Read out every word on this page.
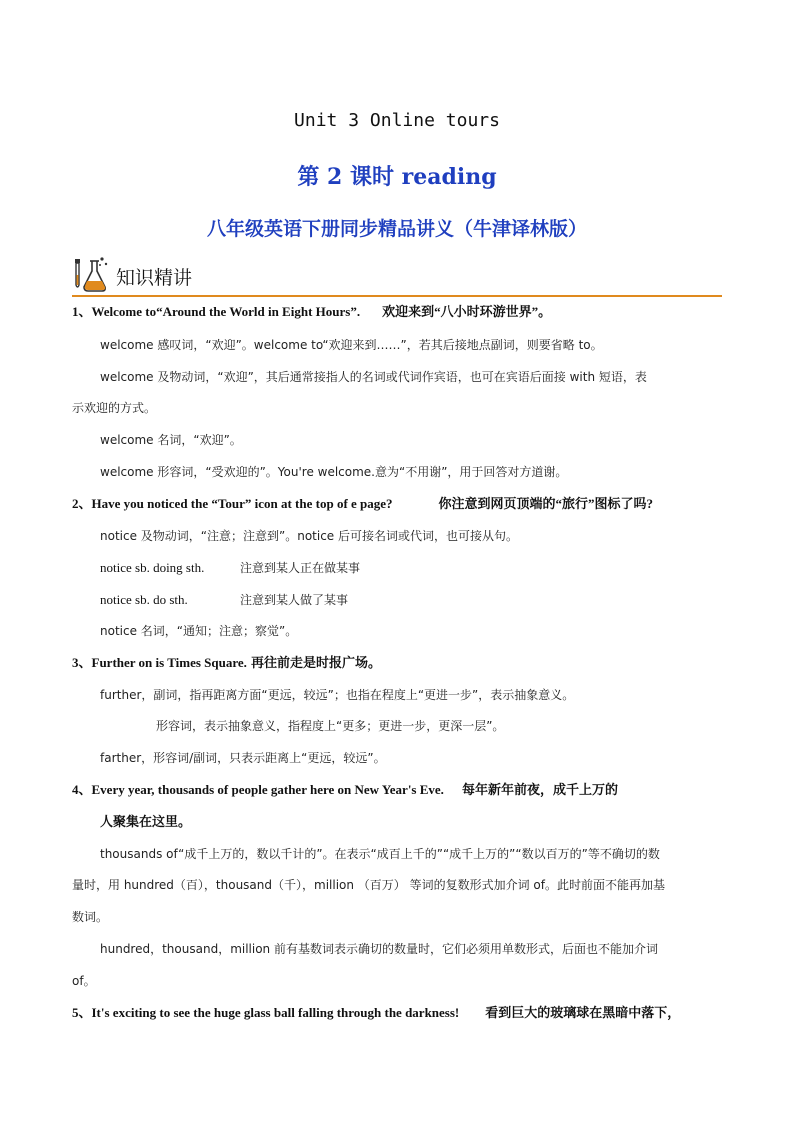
Unit 3 Online tours
第 2 课时 reading
八年级英语下册同步精品讲义（牛津译林版）
知识精讲
1、Welcome to“Around the World in Eight Hours”. 欢迎来到“八小时环游世界”。
welcome 感叹词，“欢迎”。welcome to“欢迎来到……”，若其后接地点副词，则要省略 to。
welcome 及物动词，“欢迎”，其后通常接指人的名词或代词作宾语，也可在宾语后面接 with 短语，表
示欢迎的方式。
welcome 名词，“欢迎”。
welcome 形容词，“受欢迎的”。You're welcome.意为“不用谢”，用于回答对方道谢。
2、Have you noticed the “Tour” icon at the top of e page?	你注意到网页顶端的“旅行”图标了吗?
notice 及物动词，“注意；注意到”。notice 后可接名词或代词，也可接从句。
notice sb. doing sth.	注意到某人正在做某事
notice sb. do sth.	注意到某人做了某事
notice 名词，“通知；注意；察觉”。
3、Further on is Times Square. 再往前走是时报广场。
further，副词，指再距离方面“更远，较远”；也指在程度上“更进一步”，表示抽象意义。
形容词，表示抽象意义，指程度上“更多；更进一步，更深一层”。
farther，形容词/副词，只表示距离上“更远，较远”。
4、Every year, thousands of people gather here on New Year's Eve. 每年新年前夜，成千上万的
人聚集在这里。
thousands of“成千上万的，数以千计的”。在表示“成百上千的”“成千上万的”“数以百万的”等不确切的数
量时，用 hundred（百），thousand（千），million （百万） 等词的复数形式加介词 of。此时前面不能再加基
数词。
hundred，thousand，million 前有基数词表示确切的数量时，它们必须用单数形式，后面也不能加介词
of。
5、It's exciting to see the huge glass ball falling through the darkness! 看到巨大的玻璃球在黑暗中落下，
